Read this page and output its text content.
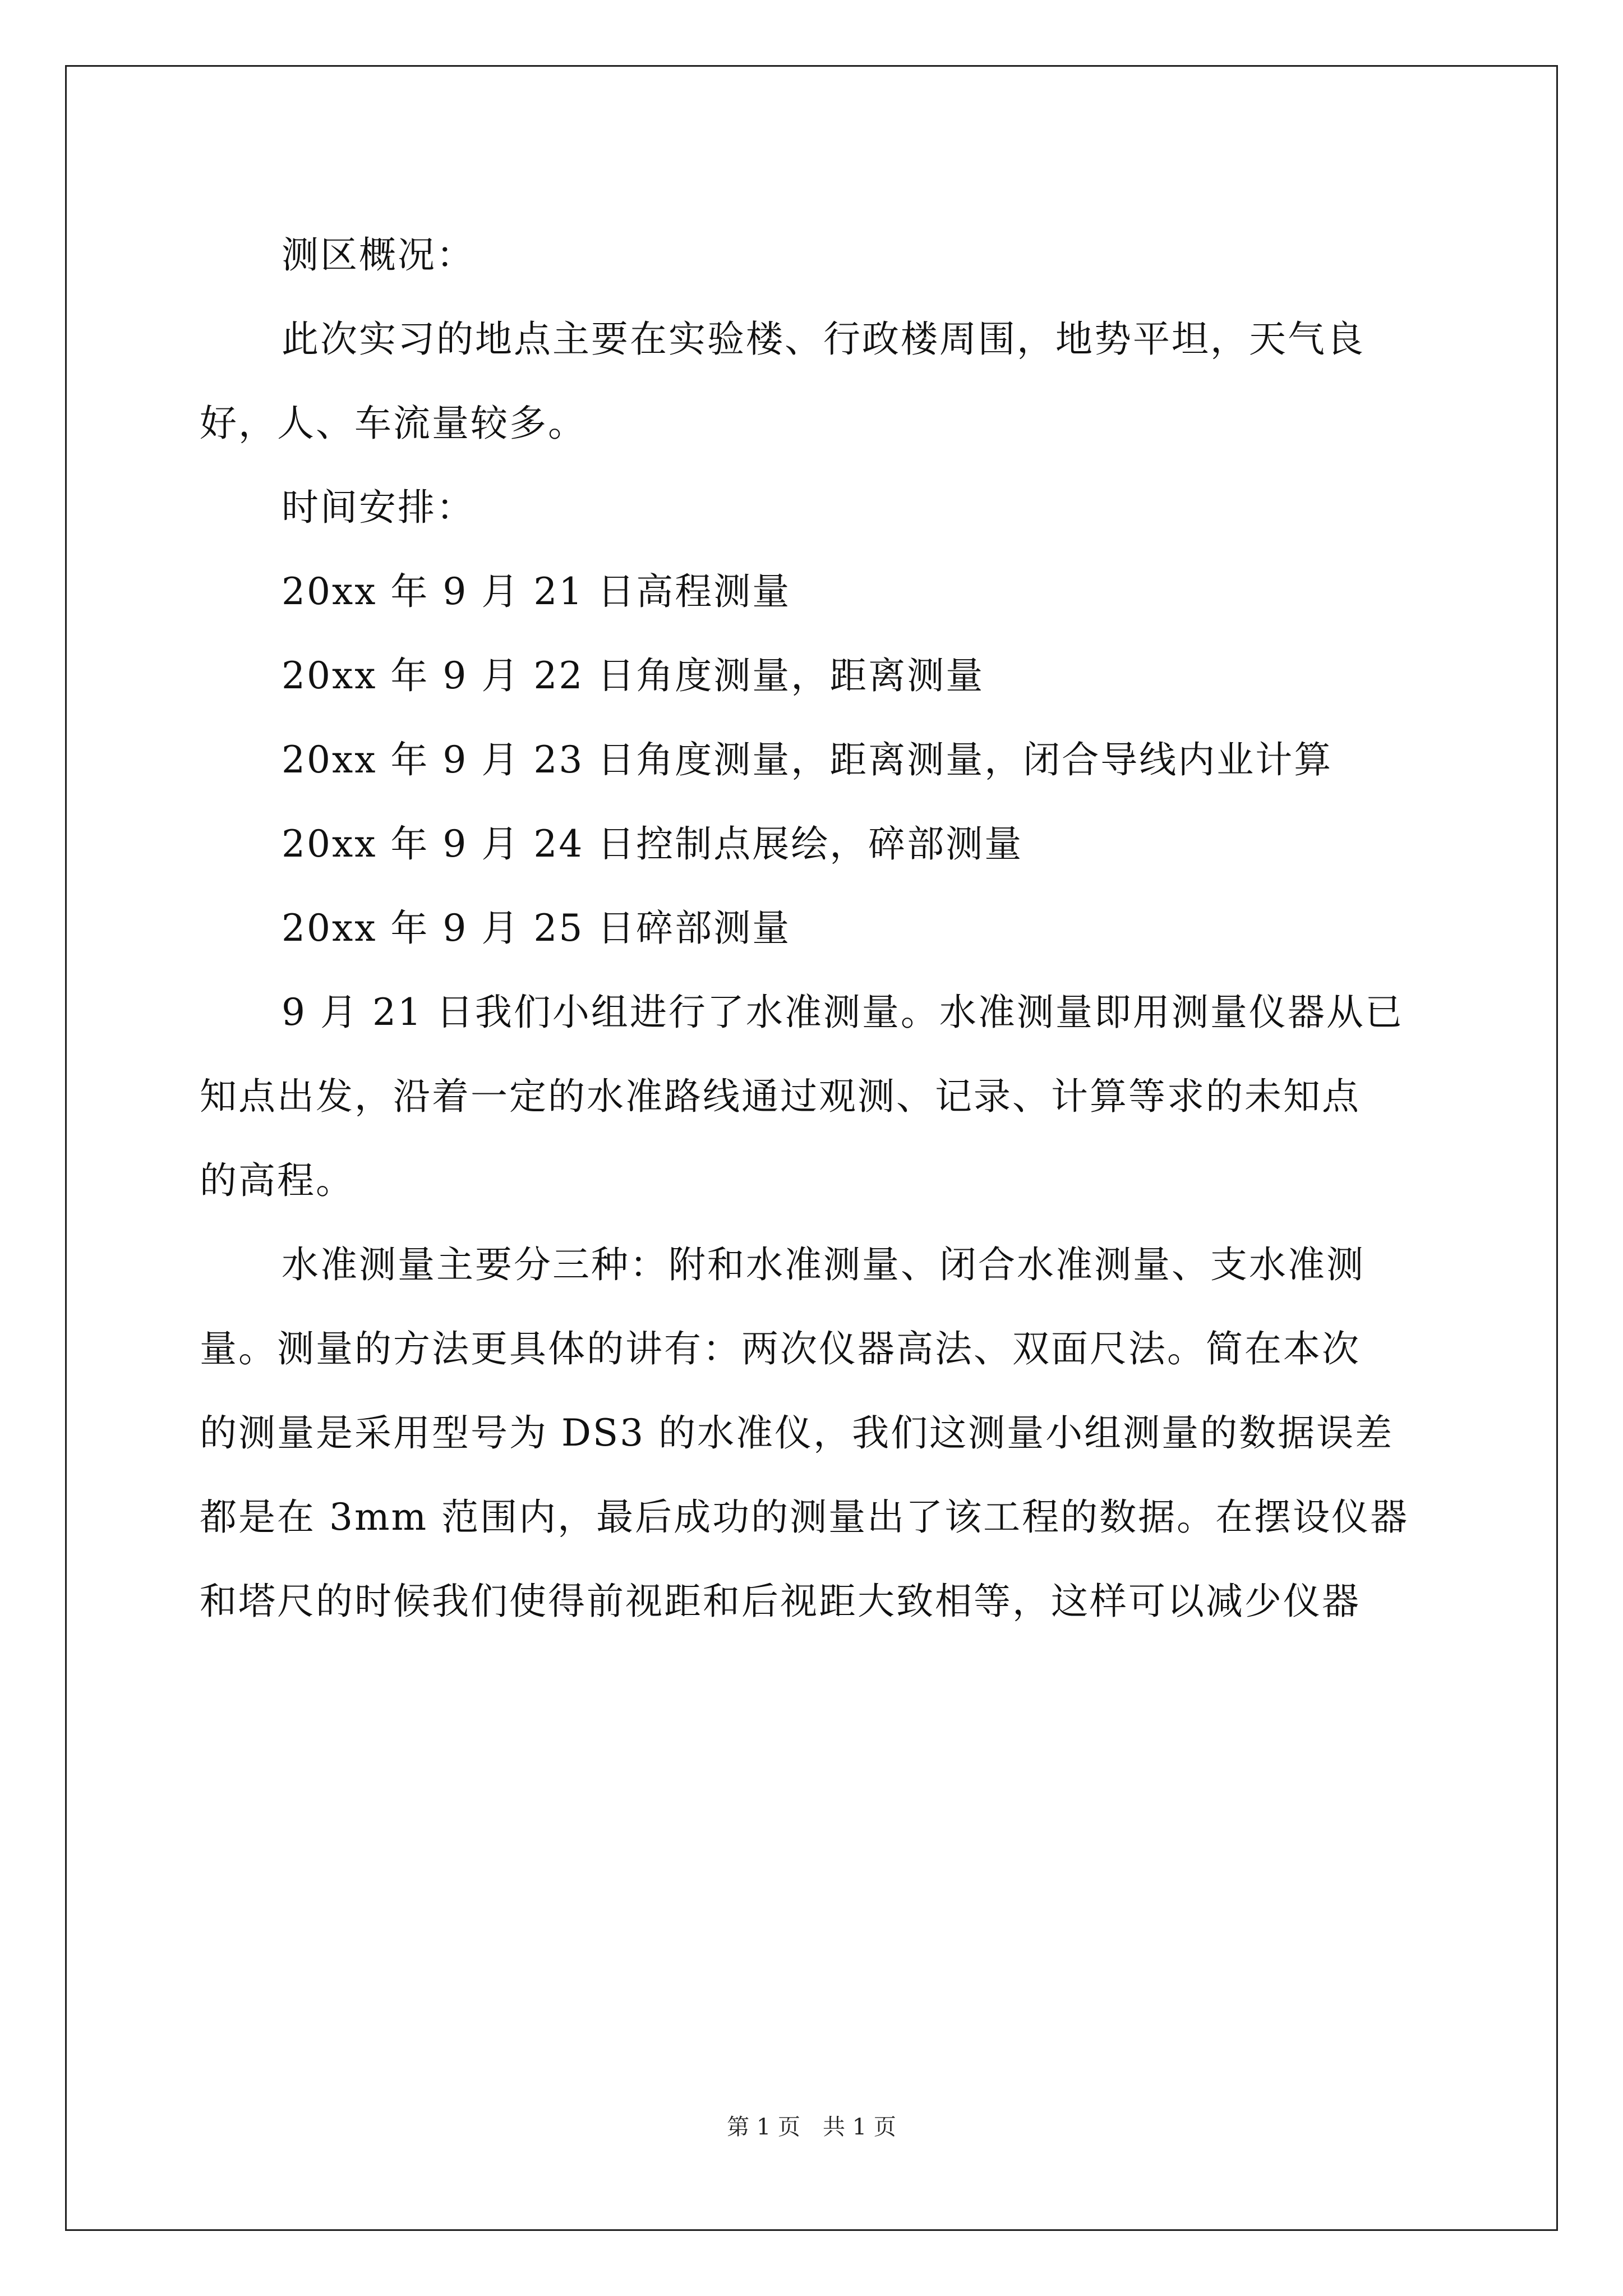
测区概况：
此次实习的地点主要在实验楼、行政楼周围，地势平坦，天气良
好，人、车流量较多。
时间安排：
20xx 年 9 月 21 日高程测量
20xx 年 9 月 22 日角度测量，距离测量
20xx 年 9 月 23 日角度测量，距离测量，闭合导线内业计算
20xx 年 9 月 24 日控制点展绘，碎部测量
20xx 年 9 月 25 日碎部测量
9 月 21 日我们小组进行了水准测量。水准测量即用测量仪器从已
知点出发，沿着一定的水准路线通过观测、记录、计算等求的未知点
的高程。
水准测量主要分三种：附和水准测量、闭合水准测量、支水准测
量。测量的方法更具体的讲有：两次仪器高法、双面尺法。简在本次
的测量是采用型号为 DS3 的水准仪，我们这测量小组测量的数据误差
都是在 3mm 范围内，最后成功的测量出了该工程的数据。在摆设仪器
和塔尺的时候我们使得前视距和后视距大致相等，这样可以减少仪器
第 1 页　共 1 页
